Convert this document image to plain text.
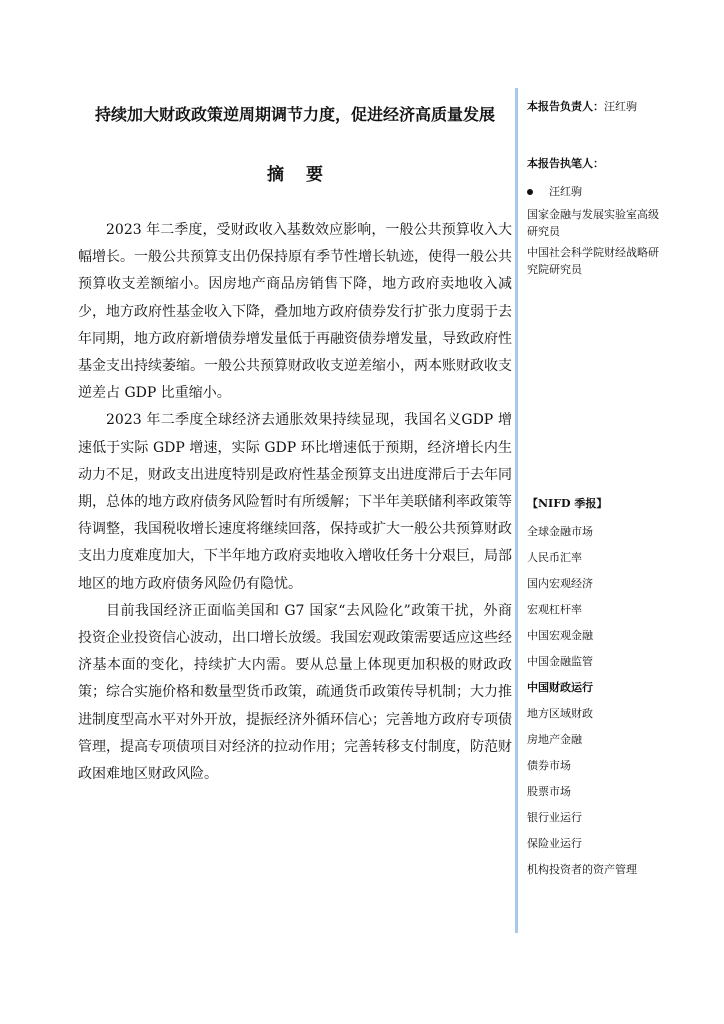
持续加大财政政策逆周期调节力度，促进经济高质量发展
摘要

2023 年二季度，受财政收入基数效应影响，一般公共预算收入大幅增长。一般公共预算支出仍保持原有季节性增长轨迹，使得一般公共预算收支差额缩小。因房地产商品房销售下降，地方政府卖地收入减少，地方政府性基金收入下降，叠加地方政府债券发行扩张力度弱于去年同期，地方政府新增债券增发量低于再融资债券增发量，导致政府性基金支出持续萎缩。一般公共预算财政收支逆差缩小，两本账财政收支逆差占 GDP 比重缩小。

2023 年二季度全球经济去通胀效果持续显现，我国名义GDP 增速低于实际 GDP 增速，实际 GDP 环比增速低于预期，经济增长内生动力不足，财政支出进度特别是政府性基金预算支出进度滞后于去年同期，总体的地方政府债务风险暂时有所缓解；下半年美联储利率政策等待调整，我国税收增长速度将继续回落，保持或扩大一般公共预算财政支出力度难度加大，下半年地方政府卖地收入增收任务十分艰巨，局部地区的地方政府债务风险仍有隐忧。

目前我国经济正面临美国和 G7 国家“去风险化”政策干扰，外商投资企业投资信心波动，出口增长放缓。我国宏观政策需要适应这些经济基本面的变化，持续扩大内需。要从总量上体现更加积极的财政政策；综合实施价格和数量型货币政策，疏通货币政策传导机制；大力推进制度型高水平对外开放，提振经济外循环信心；完善地方政府专项债管理，提高专项债项目对经济的拉动作用；完善转移支付制度，防范财政困难地区财政风险。

本报告负责人：汪红驹
本报告执笔人：
汪红驹
国家金融与发展实验室高级研究员
中国社会科学院财经战略研究院研究员
【NIFD 季报】
全球金融市场
人民币汇率
国内宏观经济
宏观杠杆率
中国宏观金融
中国金融监管
中国财政运行
地方区域财政
房地产金融
债券市场
股票市场
银行业运行
保险业运行
机构投资者的资产管理
